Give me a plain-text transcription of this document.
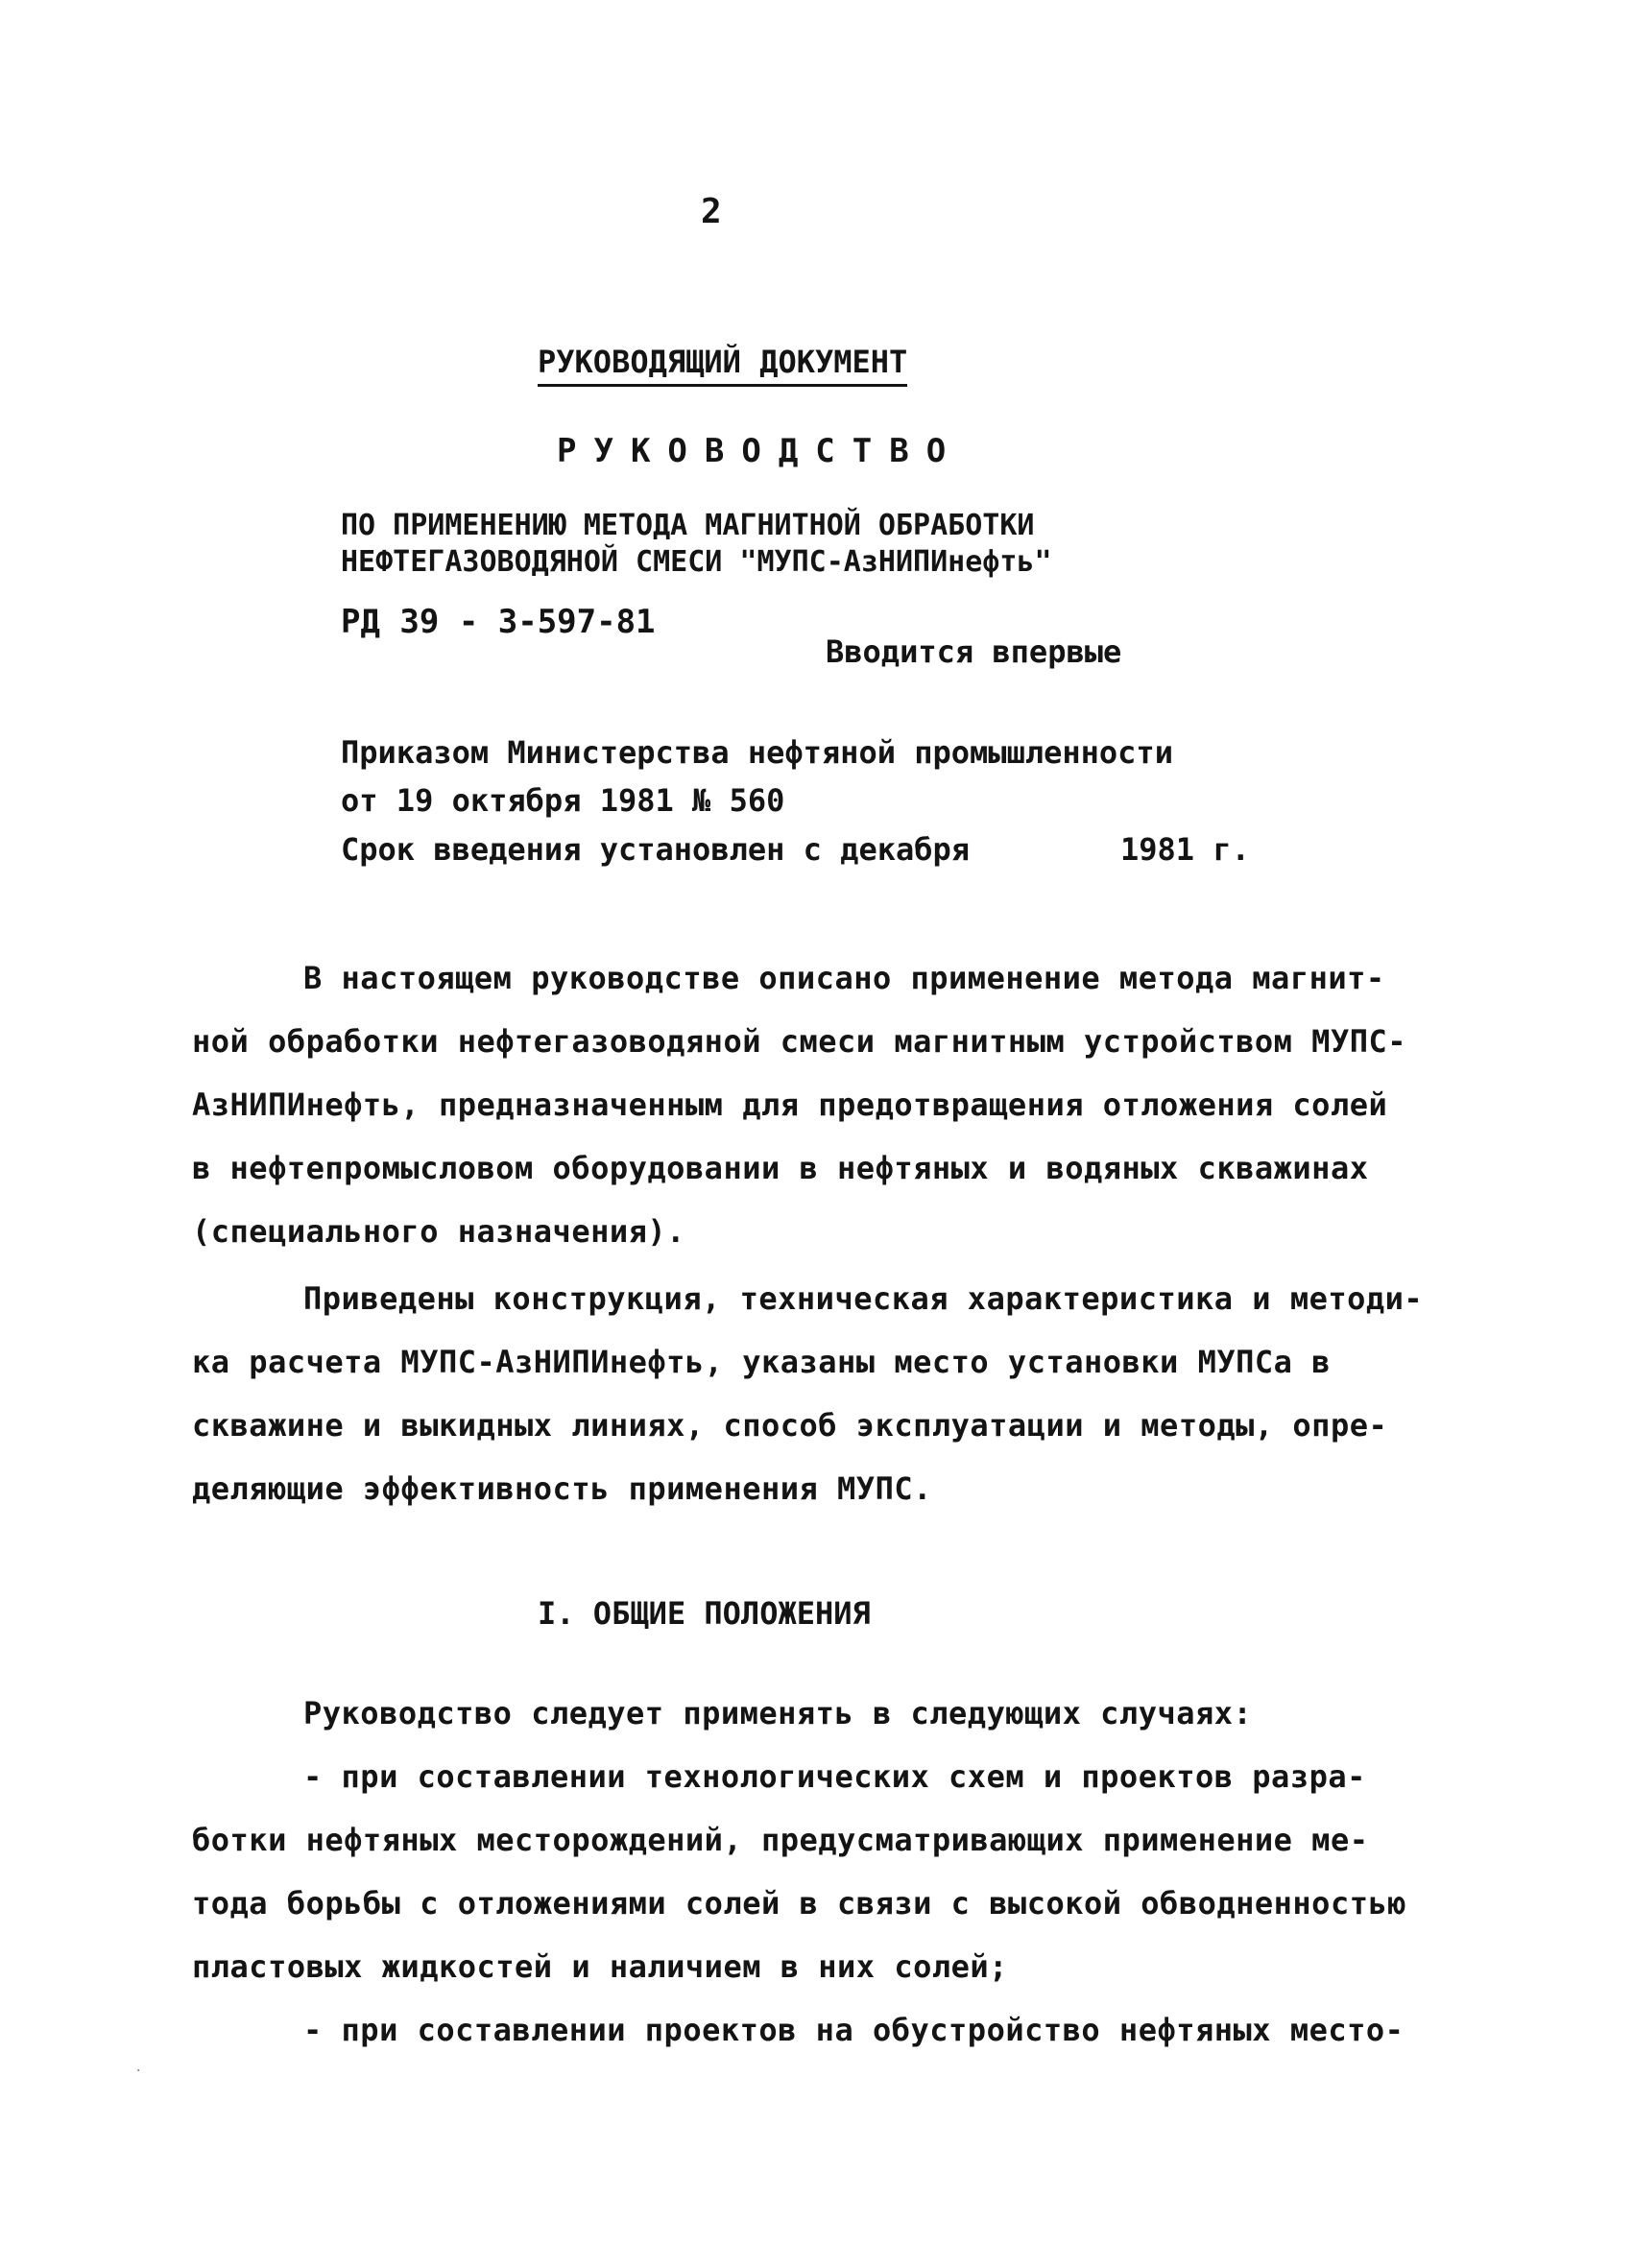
2
РУКОВОДЯЩИЙ ДОКУМЕНТ
РУКОВОДСТВО
ПО ПРИМЕНЕНИЮ МЕТОДА МАГНИТНОЙ ОБРАБОТКИ
НЕФТЕГАЗОВОДЯНОЙ СМЕСИ "МУПС-АзНИПИнефть"
РД 39 - 3-597-81
Вводится впервые
Приказом Министерства нефтяной промышленности
от 19 октября 1981 № 560
Срок введения установлен с декабря	1981 г.
В настоящем руководстве описано применение метода магнит-
ной обработки нефтегазоводяной смеси магнитным устройством МУПС-
АзНИПИнефть, предназначенным для предотвращения отложения солей
в нефтепромысловом оборудовании в нефтяных и водяных скважинах
(специального назначения).
Приведены конструкция, техническая характеристика и методи-
ка расчета МУПС-АзНИПИнефть, указаны место установки МУПСа в
скважине и выкидных линиях, способ эксплуатации и методы, опре-
деляющие эффективность применения МУПС.
I. ОБЩИЕ ПОЛОЖЕНИЯ
Руководство следует применять в следующих случаях:
- при составлении технологических схем и проектов разра-
ботки нефтяных месторождений, предусматривающих применение ме-
тода борьбы с отложениями солей в связи с высокой обводненностью
пластовых жидкостей и наличием в них солей;
- при составлении проектов на обустройство нефтяных место-
·
